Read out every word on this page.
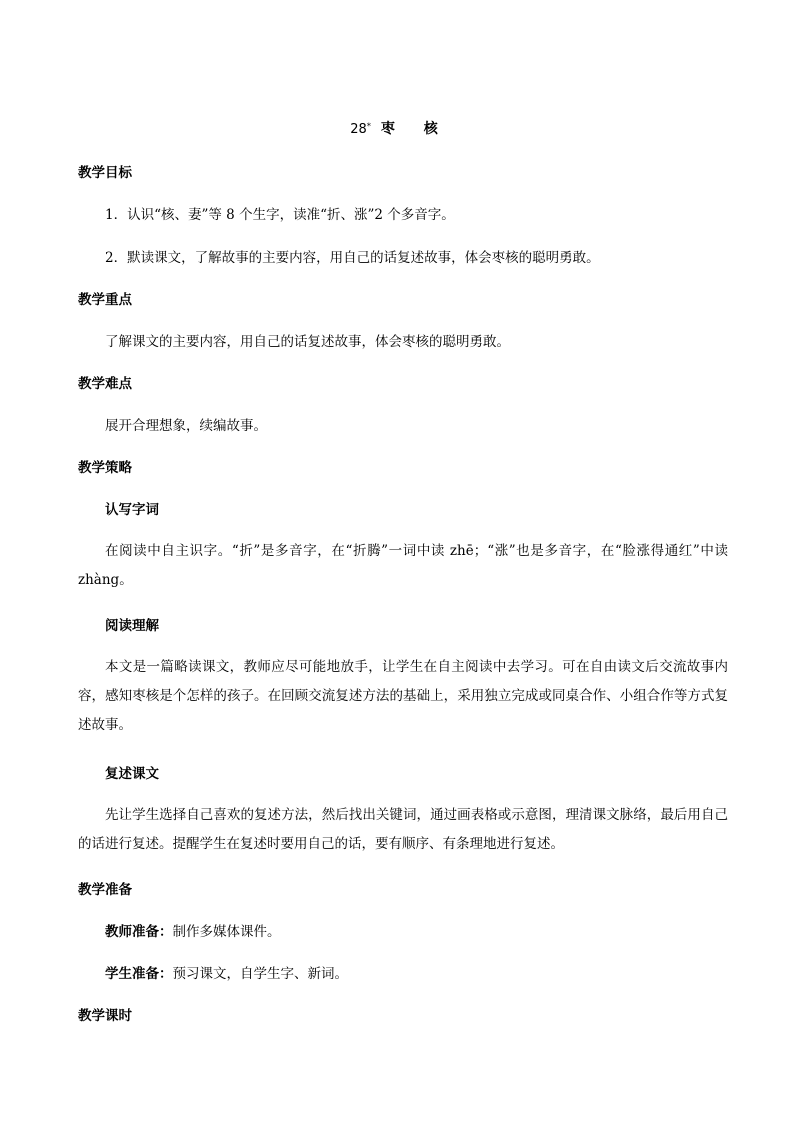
28* 枣 核
教学目标
1．认识“核、妻”等 8 个生字，读准“折、涨”2 个多音字。
2．默读课文，了解故事的主要内容，用自己的话复述故事，体会枣核的聪明勇敢。
教学重点
了解课文的主要内容，用自己的话复述故事，体会枣核的聪明勇敢。
教学难点
展开合理想象，续编故事。
教学策略
认写字词
在阅读中自主识字。“折”是多音字，在“折腾”一词中读 zhē；“涨”也是多音字，在“脸涨得通红”中读 zhàng。
阅读理解
本文是一篇略读课文，教师应尽可能地放手，让学生在自主阅读中去学习。可在自由读文后交流故事内容，感知枣核是个怎样的孩子。在回顾交流复述方法的基础上，采用独立完成或同桌合作、小组合作等方式复述故事。
复述课文
先让学生选择自己喜欢的复述方法，然后找出关键词，通过画表格或示意图，理清课文脉络，最后用自己的话进行复述。提醒学生在复述时要用自己的话，要有顺序、有条理地进行复述。
教学准备
教师准备：制作多媒体课件。
学生准备：预习课文，自学生字、新词。
教学课时
